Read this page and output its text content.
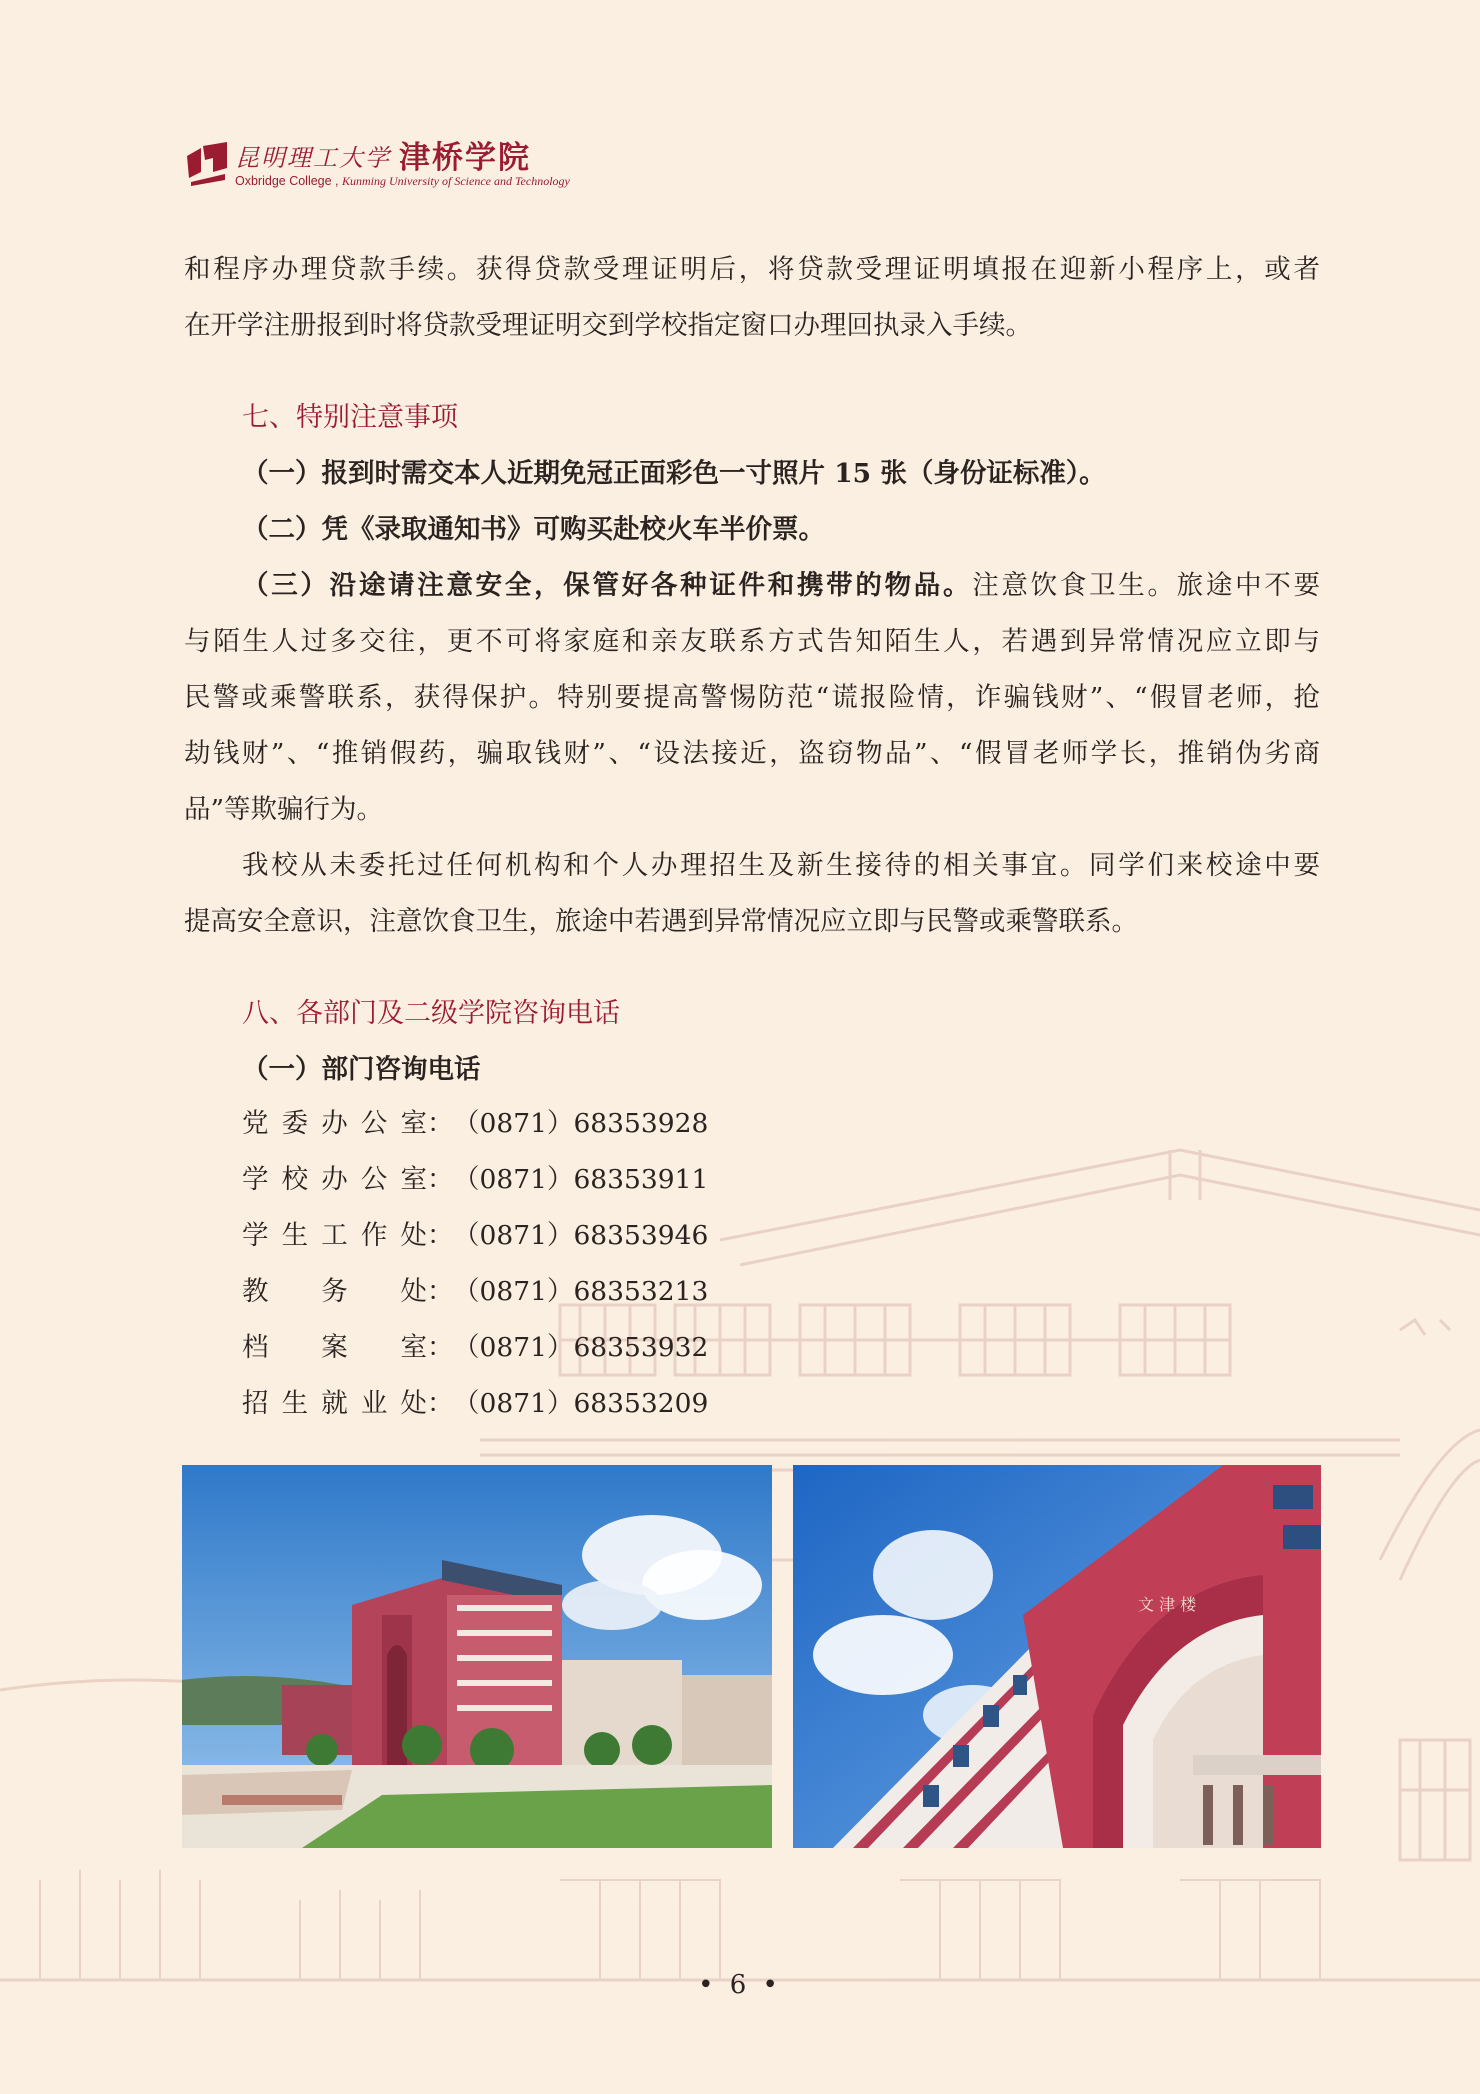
昆明理工大学 津桥学院
Oxbridge College , Kunming University of Science and Technology
和程序办理贷款手续。获得贷款受理证明后，将贷款受理证明填报在迎新小程序上，或者
在开学注册报到时将贷款受理证明交到学校指定窗口办理回执录入手续。
七、特别注意事项
（一）报到时需交本人近期免冠正面彩色一寸照片 15 张（身份证标准）。
（二）凭《录取通知书》可购买赴校火车半价票。
（三）沿途请注意安全，保管好各种证件和携带的物品。注意饮食卫生。旅途中不要
与陌生人过多交往，更不可将家庭和亲友联系方式告知陌生人，若遇到异常情况应立即与
民警或乘警联系，获得保护。特别要提高警惕防范“谎报险情，诈骗钱财”、“假冒老师，抢
劫钱财”、“推销假药，骗取钱财”、“设法接近，盗窃物品”、“假冒老师学长，推销伪劣商
品”等欺骗行为。
我校从未委托过任何机构和个人办理招生及新生接待的相关事宜。同学们来校途中要
提高安全意识，注意饮食卫生，旅途中若遇到异常情况应立即与民警或乘警联系。
八、各部门及二级学院咨询电话
（一）部门咨询电话
党委办公室：（0871）68353928
学校办公室：（0871）68353911
学生工作处：（0871）68353946
教务处：（0871）68353213
档案室：（0871）68353932
招生就业处：（0871）68353209
文 津 楼
• 6 •
